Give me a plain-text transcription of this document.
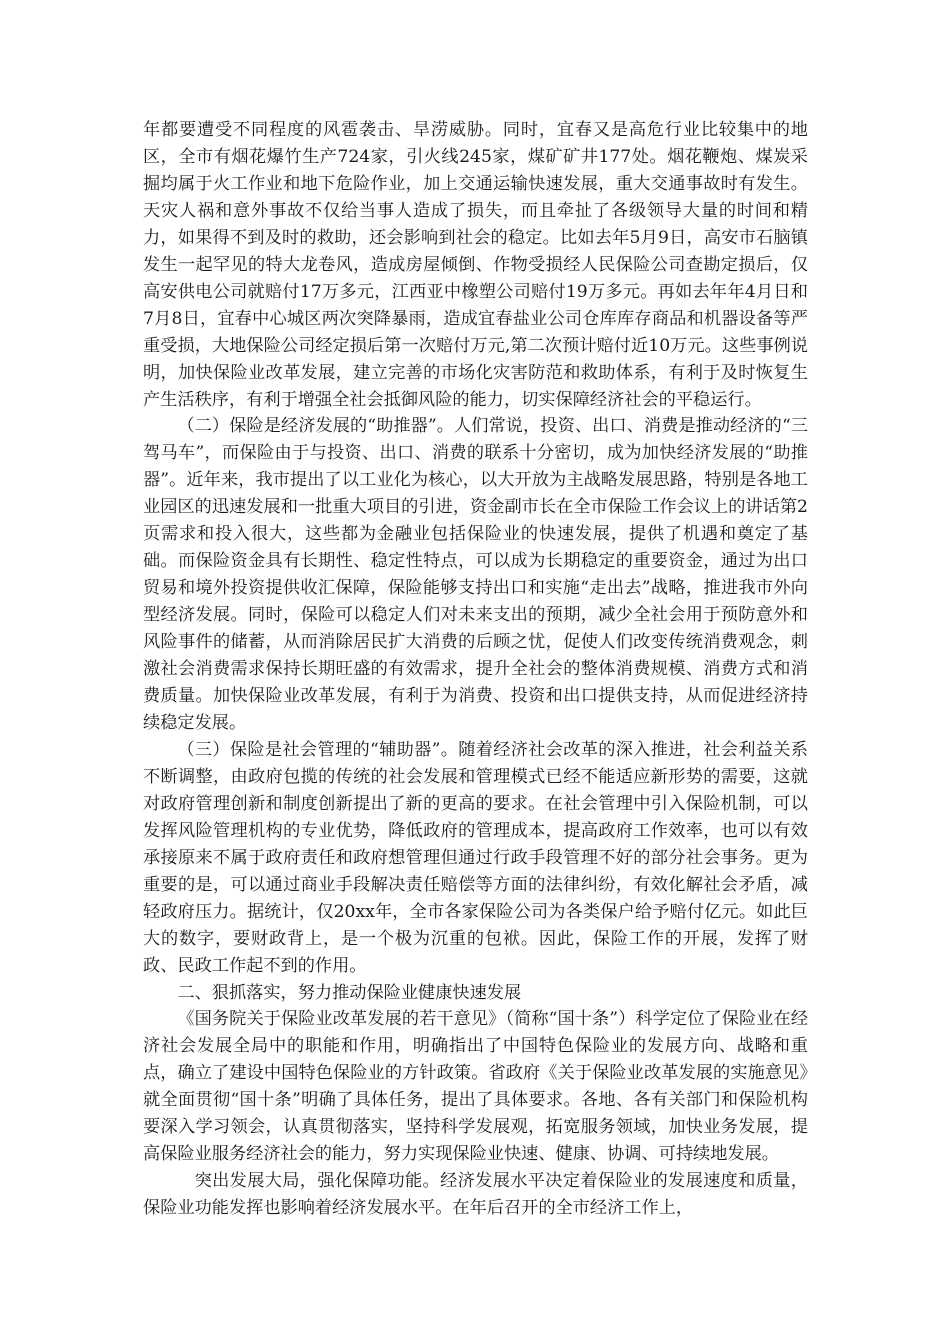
年都要遭受不同程度的风雹袭击、旱涝威胁。同时，宜春又是高危行业比较集中的地区，全市有烟花爆竹生产724家，引火线245家，煤矿矿井177处。烟花鞭炮、煤炭采掘均属于火工作业和地下危险作业，加上交通运输快速发展，重大交通事故时有发生。天灾人祸和意外事故不仅给当事人造成了损失，而且牵扯了各级领导大量的时间和精力，如果得不到及时的救助，还会影响到社会的稳定。比如去年5月9日，高安市石脑镇发生一起罕见的特大龙卷风，造成房屋倾倒、作物受损经人民保险公司查勘定损后，仅高安供电公司就赔付17万多元，江西亚中橡塑公司赔付19万多元。再如去年年4月日和7月8日，宜春中心城区两次突降暴雨，造成宜春盐业公司仓库库存商品和机器设备等严重受损，大地保险公司经定损后第一次赔付万元,第二次预计赔付近10万元。这些事例说明，加快保险业改革发展，建立完善的市场化灾害防范和救助体系，有利于及时恢复生产生活秩序，有利于增强全社会抵御风险的能力，切实保障经济社会的平稳运行。

（二）保险是经济发展的“助推器”。人们常说，投资、出口、消费是推动经济的“三驾马车”，而保险由于与投资、出口、消费的联系十分密切，成为加快经济发展的“助推器”。近年来，我市提出了以工业化为核心，以大开放为主战略发展思路，特别是各地工业园区的迅速发展和一批重大项目的引进，资金副市长在全市保险工作会议上的讲话第2页需求和投入很大，这些都为金融业包括保险业的快速发展，提供了机遇和奠定了基础。而保险资金具有长期性、稳定性特点，可以成为长期稳定的重要资金，通过为出口贸易和境外投资提供收汇保障，保险能够支持出口和实施“走出去”战略，推进我市外向型经济发展。同时，保险可以稳定人们对未来支出的预期，减少全社会用于预防意外和风险事件的储蓄，从而消除居民扩大消费的后顾之忧，促使人们改变传统消费观念，刺激社会消费需求保持长期旺盛的有效需求，提升全社会的整体消费规模、消费方式和消费质量。加快保险业改革发展，有利于为消费、投资和出口提供支持，从而促进经济持续稳定发展。

（三）保险是社会管理的“辅助器”。随着经济社会改革的深入推进，社会利益关系不断调整，由政府包揽的传统的社会发展和管理模式已经不能适应新形势的需要，这就对政府管理创新和制度创新提出了新的更高的要求。在社会管理中引入保险机制，可以发挥风险管理机构的专业优势，降低政府的管理成本，提高政府工作效率，也可以有效承接原来不属于政府责任和政府想管理但通过行政手段管理不好的部分社会事务。更为重要的是，可以通过商业手段解决责任赔偿等方面的法律纠纷，有效化解社会矛盾，减轻政府压力。据统计，仅20xx年，全市各家保险公司为各类保户给予赔付亿元。如此巨大的数字，要财政背上，是一个极为沉重的包袱。因此，保险工作的开展，发挥了财政、民政工作起不到的作用。

二、狠抓落实，努力推动保险业健康快速发展

《国务院关于保险业改革发展的若干意见》（简称“国十条”）科学定位了保险业在经济社会发展全局中的职能和作用，明确指出了中国特色保险业的发展方向、战略和重点，确立了建设中国特色保险业的方针政策。省政府《关于保险业改革发展的实施意见》就全面贯彻“国十条”明确了具体任务，提出了具体要求。各地、各有关部门和保险机构要深入学习领会，认真贯彻落实，坚持科学发展观，拓宽服务领域，加快业务发展，提高保险业服务经济社会的能力，努力实现保险业快速、健康、协调、可持续地发展。

突出发展大局，强化保障功能。经济发展水平决定着保险业的发展速度和质量，保险业功能发挥也影响着经济发展水平。在年后召开的全市经济工作上，
